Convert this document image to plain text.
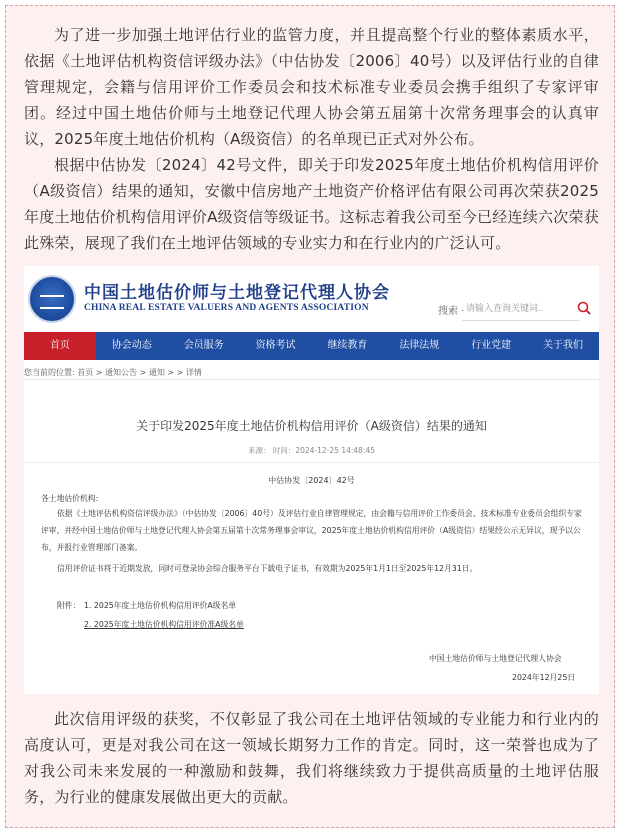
为了进一步加强土地评估行业的监管力度，并且提高整个行业的整体素质水平，依据《土地评估机构资信评级办法》（中估协发〔2006〕40号）以及评估行业的自律管理规定，会籍与信用评价工作委员会和技术标准专业委员会携手组织了专家评审团。经过中国土地估价师与土地登记代理人协会第五届第十次常务理事会的认真审议，2025年度土地估价机构（A级资信）的名单现已正式对外公布。

根据中估协发〔2024〕42号文件，即关于印发2025年度土地估价机构信用评价（A级资信）结果的通知，安徽中信房地产土地资产价格评估有限公司再次荣获2025年度土地估价机构信用评价A级资信等级证书。这标志着我公司至今已经连续六次荣获此殊荣，展现了我们在土地评估领域的专业实力和在行业内的广泛认可。

中国土地估价师与土地登记代理人协会
CHINA REAL ESTATE VALUERS AND AGENTS ASSOCIATION	搜索 ·
请输入查询关键词..
首页	协会动态	会员服务	资格考试	继续教育	法律法规	行业党建	关于我们
您当前的位置: 首页 > 通知公告 > 通知 > > 详情
关于印发2025年度土地估价机构信用评价（A级资信）结果的通知
来源： 时间：2024-12-25 14:48:45
中估协发〔2024〕42号
各土地估价机构:
依据《土地评估机构资信评级办法》（中估协发〔2006〕40号）及评估行业自律管理规定，由会籍与信用评价工作委员会、技术标准专业委员会组织专家评审，并经中国土地估价师与土地登记代理人协会第五届第十次常务理事会审议，2025年度土地估价机构信用评价（A级资信）结果经公示无异议，现予以公布，并报行业管理部门备案。
信用评价证书将于近期发放，同时可登录协会综合服务平台下载电子证书，有效期为2025年1月1日至2025年12月31日。
附件： 1. 2025年度土地估价机构信用评价A级名单
2. 2025年度土地估价机构信用评价准A级名单
中国土地估价师与土地登记代理人协会
2024年12月25日

此次信用评级的获奖，不仅彰显了我公司在土地评估领域的专业能力和行业内的高度认可，更是对我公司在这一领域长期努力工作的肯定。同时，这一荣誉也成为了对我公司未来发展的一种激励和鼓舞，我们将继续致力于提供高质量的土地评估服务，为行业的健康发展做出更大的贡献。
